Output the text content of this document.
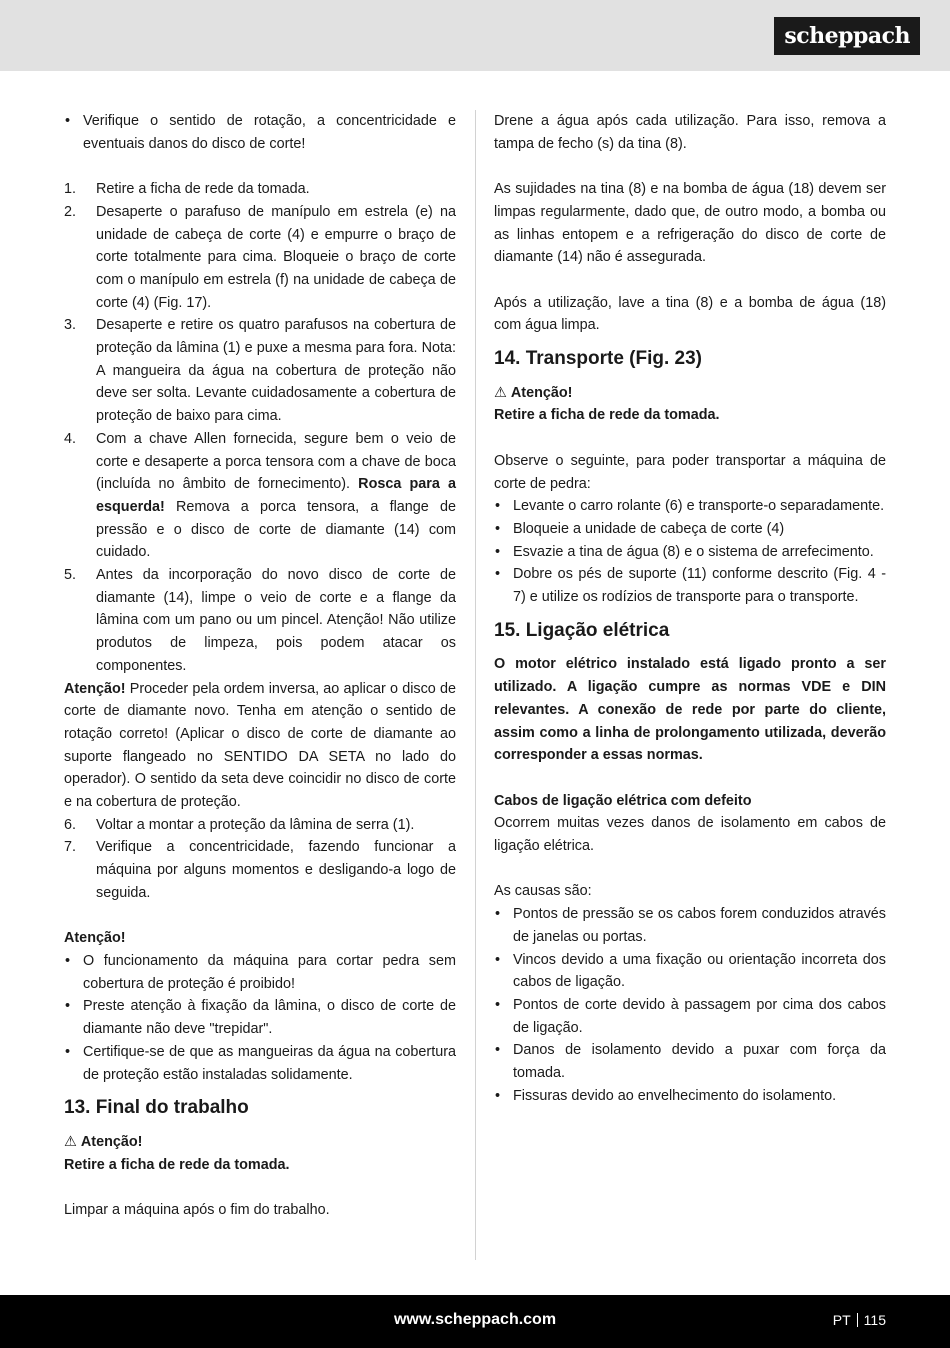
scheppach
• Verifique o sentido de rotação, a concentricidade e eventuais danos do disco de corte!
1. Retire a ficha de rede da tomada.
2. Desaperte o parafuso de manípulo em estrela (e) na unidade de cabeça de corte (4) e empurre o braço de corte totalmente para cima. Bloqueie o braço de corte com o manípulo em estrela (f) na unidade de cabeça de corte (4) (Fig. 17).
3. Desaperte e retire os quatro parafusos na cobertura de proteção da lâmina (1) e puxe a mesma para fora. Nota: A mangueira da água na cobertura de proteção não deve ser solta. Levante cuidadosamente a cobertura de proteção de baixo para cima.
4. Com a chave Allen fornecida, segure bem o veio de corte e desaperte a porca tensora com a chave de boca (incluída no âmbito de fornecimento). Rosca para a esquerda! Remova a porca tensora, a flange de pressão e o disco de corte de diamante (14) com cuidado.
5. Antes da incorporação do novo disco de corte de diamante (14), limpe o veio de corte e a flange da lâmina com um pano ou um pincel. Atenção! Não utilize produtos de limpeza, pois podem atacar os componentes.

Atenção! Proceder pela ordem inversa, ao aplicar o disco de corte de diamante novo. Tenha em atenção o sentido de rotação correto! (Aplicar o disco de corte de diamante ao suporte flangeado no SENTIDO DA SETA no lado do operador). O sentido da seta deve coincidir no disco de corte e na cobertura de proteção.

6. Voltar a montar a proteção da lâmina de serra (1).
7. Verifique a concentricidade, fazendo funcionar a máquina por alguns momentos e desligando-a logo de seguida.

Atenção!

• O funcionamento da máquina para cortar pedra sem cobertura de proteção é proibido!
• Preste atenção à fixação da lâmina, o disco de corte de diamante não deve "trepidar".
• Certifique-se de que as mangueiras da água na cobertura de proteção estão instaladas solidamente.
13. Final do trabalho

⚠ Atenção!

Retire a ficha de rede da tomada.

Limpar a máquina após o fim do trabalho.

Drene a água após cada utilização. Para isso, remova a tampa de fecho (s) da tina (8).

As sujidades na tina (8) e na bomba de água (18) devem ser limpas regularmente, dado que, de outro modo, a bomba ou as linhas entopem e a refrigeração do disco de corte de diamante (14) não é assegurada.

Após a utilização, lave a tina (8) e a bomba de água (18) com água limpa.

14. Transporte (Fig. 23)

⚠ Atenção!

Retire a ficha de rede da tomada.

Observe o seguinte, para poder transportar a máquina de corte de pedra:

• Levante o carro rolante (6) e transporte-o separadamente.
• Bloqueie a unidade de cabeça de corte (4)
• Esvazie a tina de água (8) e o sistema de arrefecimento.
• Dobre os pés de suporte (11) conforme descrito (Fig. 4 - 7) e utilize os rodízios de transporte para o transporte.
15. Ligação elétrica

O motor elétrico instalado está ligado pronto a ser utilizado. A ligação cumpre as normas VDE e DIN relevantes. A conexão de rede por parte do cliente, assim como a linha de prolongamento utilizada, deverão corresponder a essas normas.

Cabos de ligação elétrica com defeito

Ocorrem muitas vezes danos de isolamento em cabos de ligação elétrica.

As causas são:

• Pontos de pressão se os cabos forem conduzidos através de janelas ou portas.
• Vincos devido a uma fixação ou orientação incorreta dos cabos de ligação.
• Pontos de corte devido à passagem por cima dos cabos de ligação.
• Danos de isolamento devido a puxar com força da tomada.
• Fissuras devido ao envelhecimento do isolamento.
www.scheppach.com	PT 115
